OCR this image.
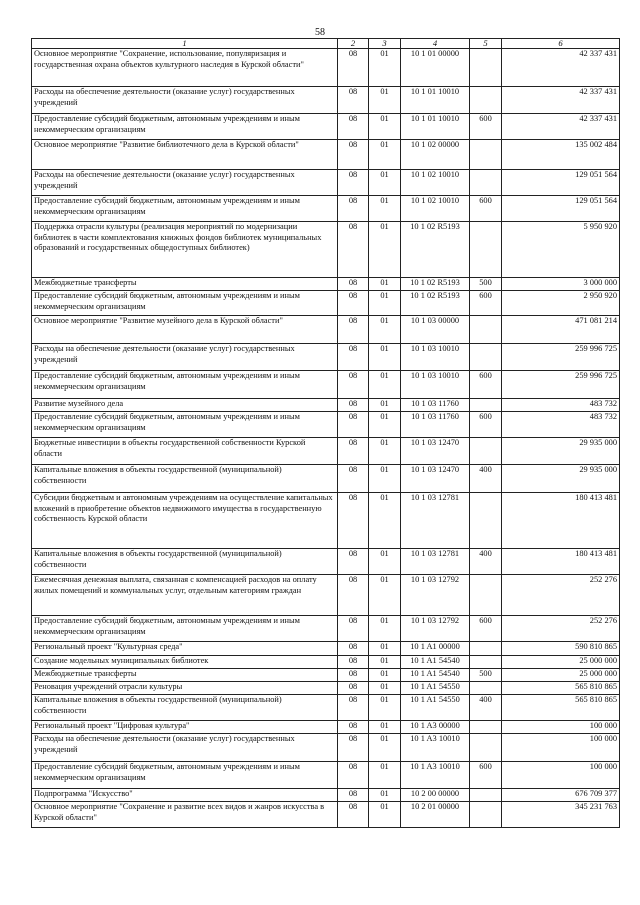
58
1	2	3	4	5	6
Основное мероприятие "Сохранение, использование, популяризация и государственная охрана объектов культурного наследия в Курской области"	08	01	10 1 01 00000		42 337 431
Расходы на обеспечение деятельности (оказание услуг) государственных учреждений	08	01	10 1 01 10010		42 337 431
Предоставление субсидий бюджетным, автономным учреждениям и иным некоммерческим организациям	08	01	10 1 01 10010	600	42 337 431
Основное мероприятие "Развитие библиотечного дела в Курской области"	08	01	10 1 02 00000		135 002 484
Расходы на обеспечение деятельности (оказание услуг) государственных учреждений	08	01	10 1 02 10010		129 051 564
Предоставление субсидий бюджетным, автономным учреждениям и иным некоммерческим организациям	08	01	10 1 02 10010	600	129 051 564
Поддержка отрасли культуры (реализация мероприятий по модернизации библиотек в части комплектования книжных фондов библиотек муниципальных образований и государственных общедоступных библиотек)	08	01	10 1 02 R5193		5 950 920
Межбюджетные трансферты	08	01	10 1 02 R5193	500	3 000 000
Предоставление субсидий бюджетным, автономным учреждениям и иным некоммерческим организациям	08	01	10 1 02 R5193	600	2 950 920
Основное мероприятие "Развитие музейного дела в Курской области"	08	01	10 1 03 00000		471 081 214
Расходы на обеспечение деятельности (оказание услуг) государственных учреждений	08	01	10 1 03 10010		259 996 725
Предоставление субсидий бюджетным, автономным учреждениям и иным некоммерческим организациям	08	01	10 1 03 10010	600	259 996 725
Развитие музейного дела	08	01	10 1 03 11760		483 732
Предоставление субсидий бюджетным, автономным учреждениям и иным некоммерческим организациям	08	01	10 1 03 11760	600	483 732
Бюджетные инвестиции в объекты государственной собственности Курской области	08	01	10 1 03 12470		29 935 000
Капитальные вложения в объекты государственной (муниципальной) собственности	08	01	10 1 03 12470	400	29 935 000
Субсидии бюджетным и автономным учреждениям на осуществление капитальных вложений в приобретение объектов недвижимого имущества в государственную собственность Курской области	08	01	10 1 03 12781		180 413 481
Капитальные вложения в объекты государственной (муниципальной) собственности	08	01	10 1 03 12781	400	180 413 481
Ежемесячная денежная выплата, связанная с компенсацией расходов на оплату жилых помещений и коммунальных услуг, отдельным категориям граждан	08	01	10 1 03 12792		252 276
Предоставление субсидий бюджетным, автономным учреждениям и иным некоммерческим организациям	08	01	10 1 03 12792	600	252 276
Региональный проект "Культурная среда"	08	01	10 1 A1 00000		590 810 865
Создание модельных муниципальных библиотек	08	01	10 1 A1 54540		25 000 000
Межбюджетные трансферты	08	01	10 1 A1 54540	500	25 000 000
Реновация учреждений отрасли культуры	08	01	10 1 A1 54550		565 810 865
Капитальные вложения в объекты государственной (муниципальной) собственности	08	01	10 1 A1 54550	400	565 810 865
Региональный проект "Цифровая культура"	08	01	10 1 A3 00000		100 000
Расходы на обеспечение деятельности (оказание услуг) государственных учреждений	08	01	10 1 A3 10010		100 000
Предоставление субсидий бюджетным, автономным учреждениям и иным некоммерческим организациям	08	01	10 1 A3 10010	600	100 000
Подпрограмма "Искусство"	08	01	10 2 00 00000		676 709 377
Основное мероприятие "Сохранение и развитие всех видов и жанров искусства в Курской области"	08	01	10 2 01 00000		345 231 763
